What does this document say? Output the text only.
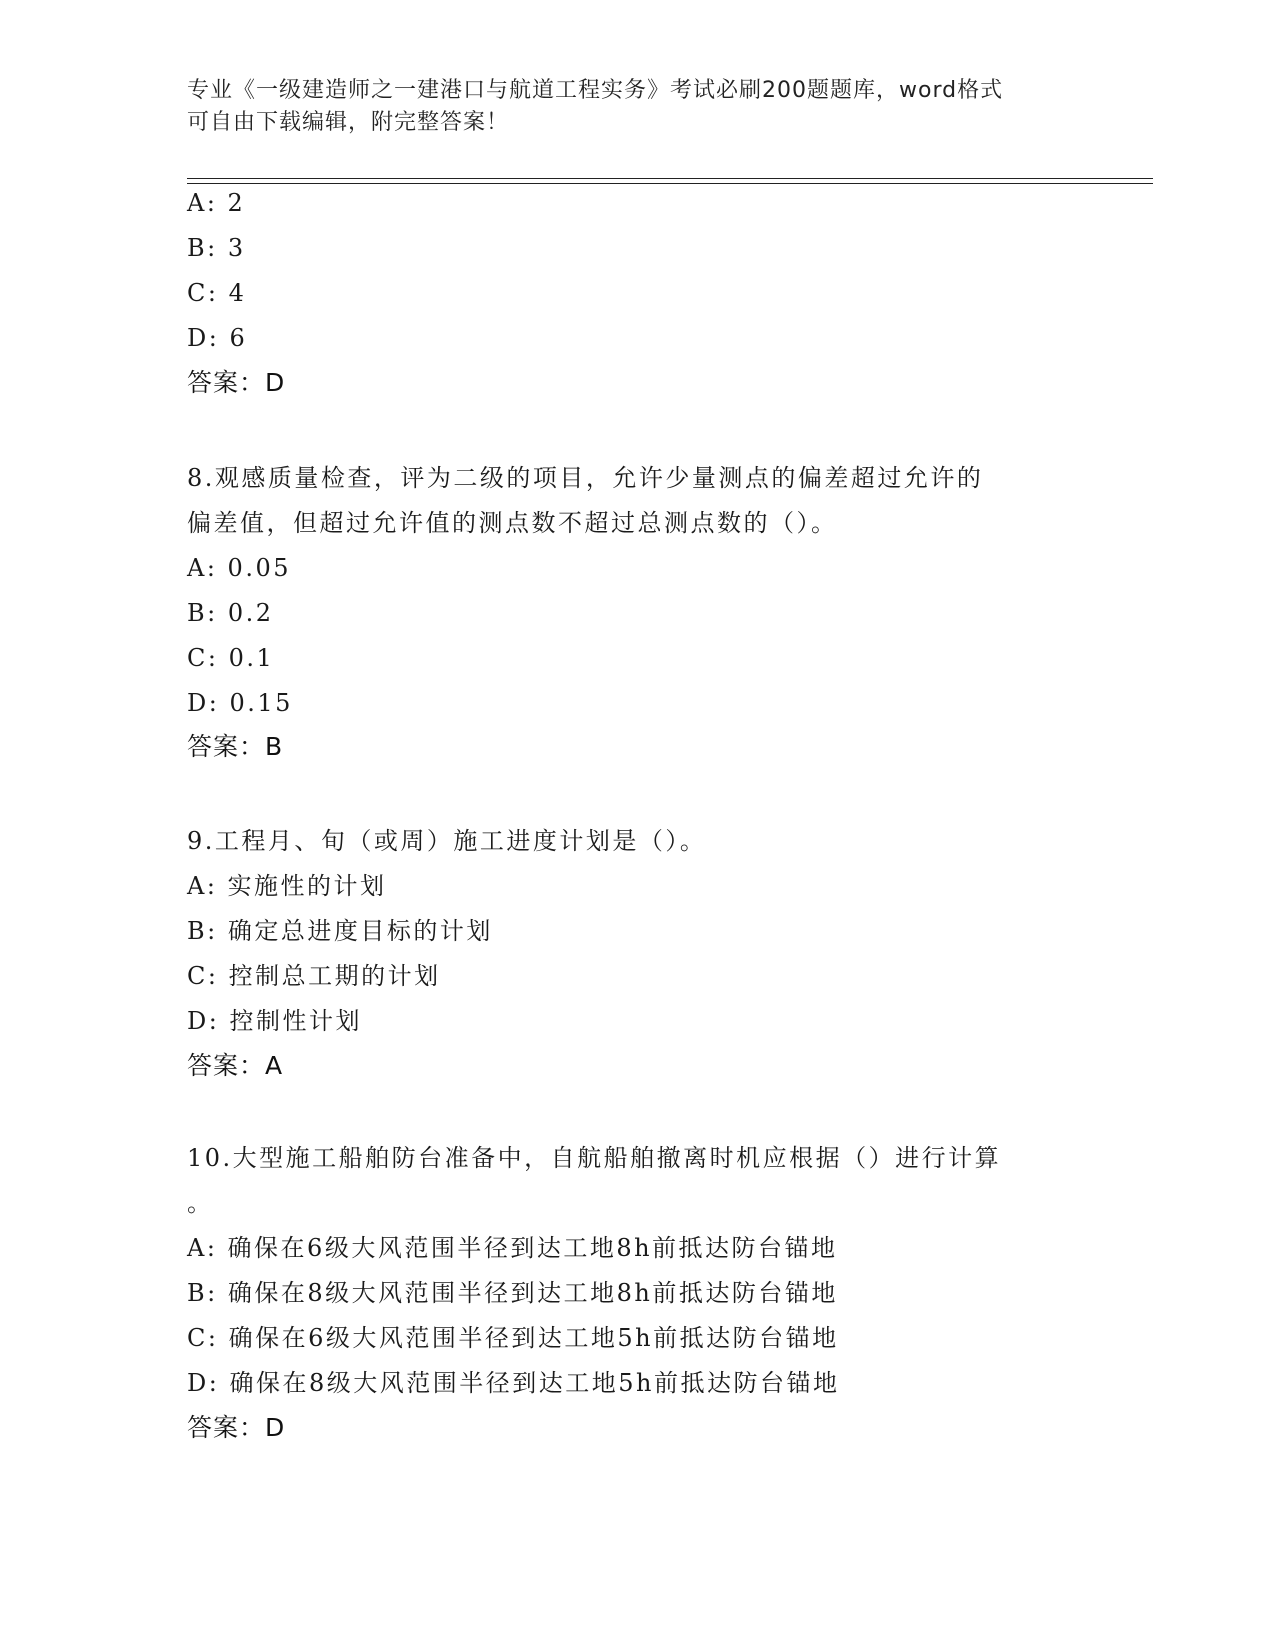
专业《一级建造师之一建港口与航道工程实务》考试必刷200题题库，word格式
可自由下载编辑，附完整答案！
A: 2
B: 3
C: 4
D: 6
答案：D
8.观感质量检查，评为二级的项目，允许少量测点的偏差超过允许的
偏差值，但超过允许值的测点数不超过总测点数的（）。
A: 0.05
B: 0.2
C: 0.1
D: 0.15
答案：B
9.工程月、旬（或周）施工进度计划是（）。
A: 实施性的计划
B: 确定总进度目标的计划
C: 控制总工期的计划
D: 控制性计划
答案：A
10.大型施工船舶防台准备中，自航船舶撤离时机应根据（）进行计算
。
A: 确保在6级大风范围半径到达工地8h前抵达防台锚地
B: 确保在8级大风范围半径到达工地8h前抵达防台锚地
C: 确保在6级大风范围半径到达工地5h前抵达防台锚地
D: 确保在8级大风范围半径到达工地5h前抵达防台锚地
答案：D
